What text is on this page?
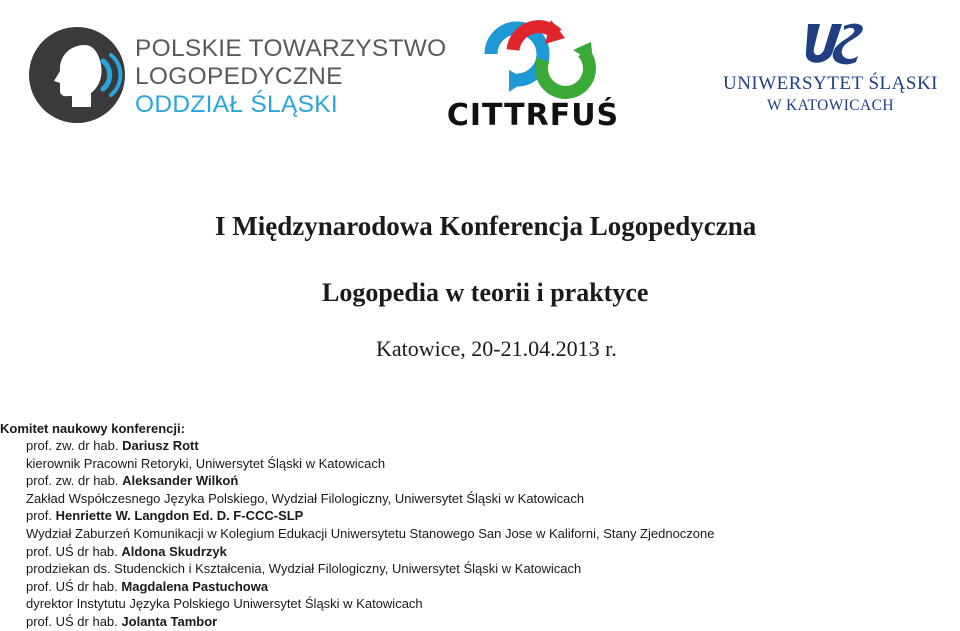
POLSKIE TOWARZYSTWO
LOGOPEDYCZNE
ODDZIAŁ ŚLĄSKI	CITTRFUŚ
UNIWERSYTET ŚLĄSKI
W KATOWICACH
I Międzynarodowa Konferencja Logopedyczna
Logopedia w teorii i praktyce
Katowice, 20-21.04.2013 r.
Komitet naukowy konferencji:
prof. zw. dr hab. Dariusz Rott
kierownik Pracowni Retoryki, Uniwersytet Śląski w Katowicach
prof. zw. dr hab. Aleksander Wilkoń
Zakład Współczesnego Języka Polskiego, Wydział Filologiczny, Uniwersytet Śląski w Katowicach
prof. Henriette W. Langdon Ed. D. F-CCC-SLP
Wydział Zaburzeń Komunikacji w Kolegium Edukacji Uniwersytetu Stanowego San Jose w Kaliforni, Stany Zjednoczone
prof. UŚ dr hab. Aldona Skudrzyk
prodziekan ds. Studenckich i Kształcenia, Wydział Filologiczny, Uniwersytet Śląski w Katowicach
prof. UŚ dr hab. Magdalena Pastuchowa
dyrektor Instytutu Języka Polskiego Uniwersytet Śląski w Katowicach
prof. UŚ dr hab. Jolanta Tambor
